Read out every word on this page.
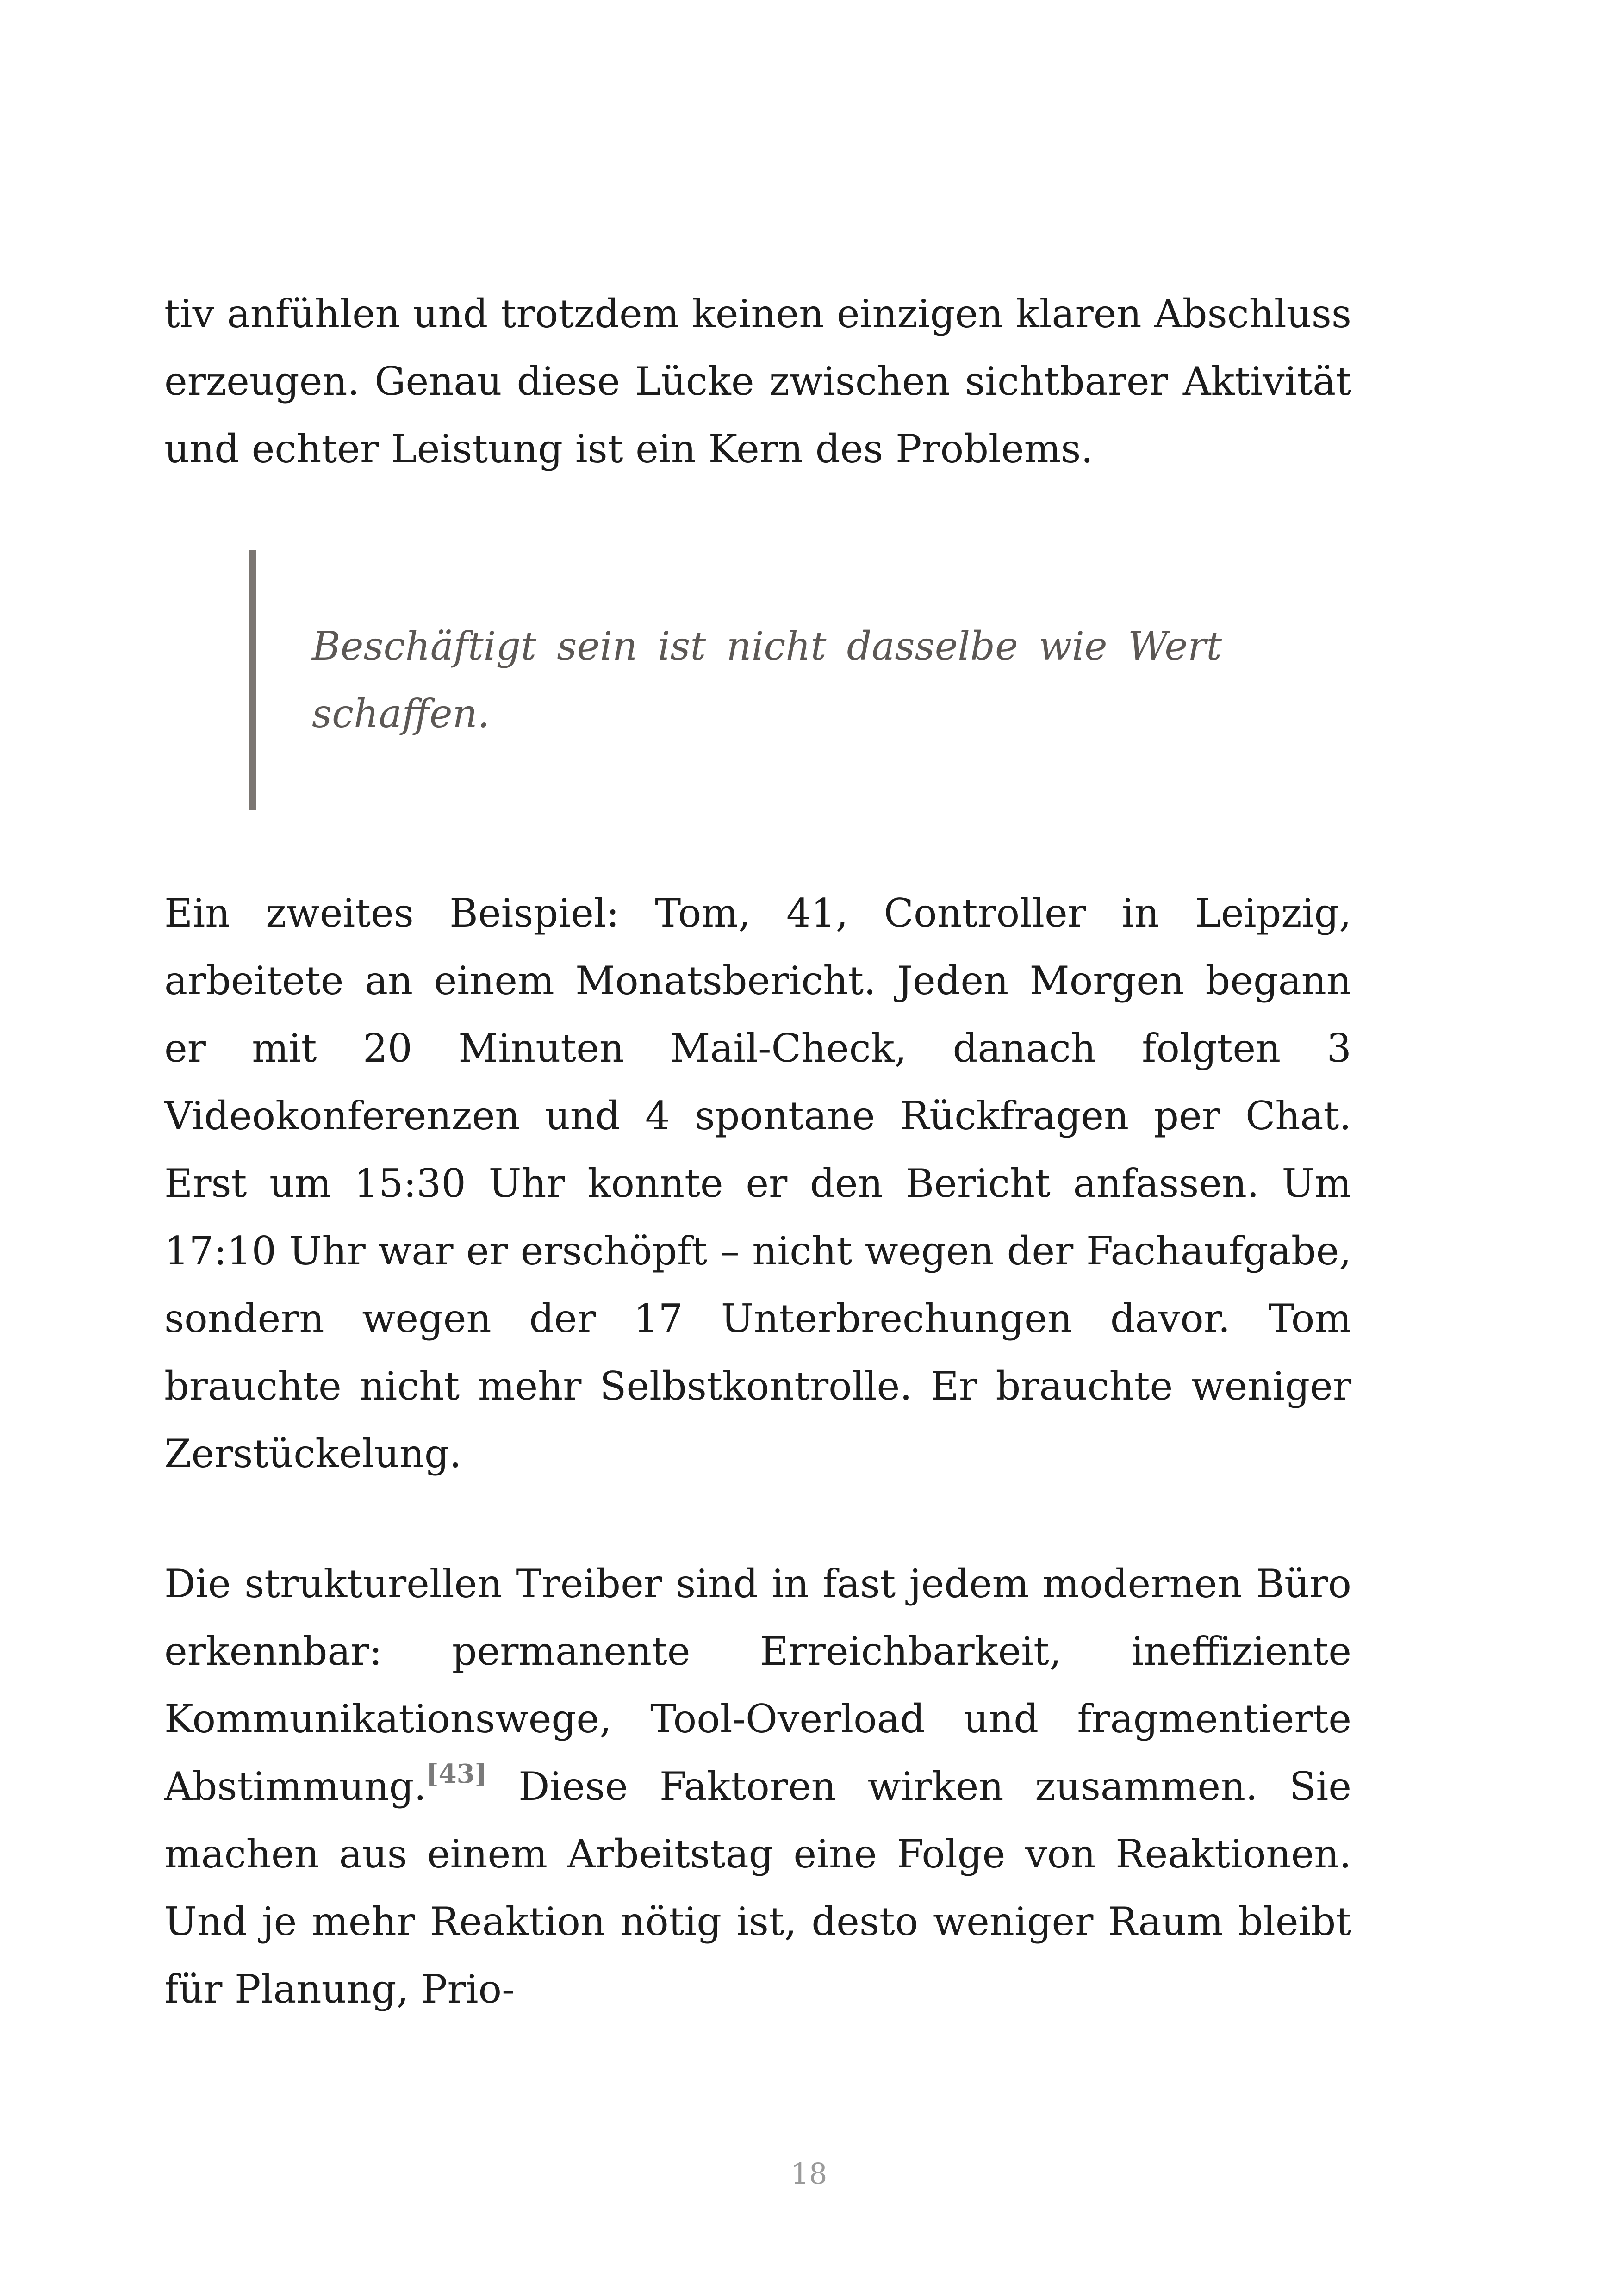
tiv anfühlen und trotzdem keinen einzigen klaren Abschluss erzeugen. Genau diese Lücke zwischen sichtbarer Aktivität und echter Leistung ist ein Kern des Problems.

Beschäftigt sein ist nicht dasselbe wie Wert schaffen.

Ein zweites Beispiel: Tom, 41, Controller in Leipzig, arbeitete an einem Monatsbericht. Jeden Morgen begann er mit 20 Minuten Mail-Check, danach folgten 3 Videokonferenzen und 4 spontane Rückfragen per Chat. Erst um 15:30 Uhr konnte er den Bericht anfassen. Um 17:10 Uhr war er erschöpft – nicht wegen der Fachaufgabe, sondern wegen der 17 Unterbrechungen davor. Tom brauchte nicht mehr Selbstkontrolle. Er brauchte weniger Zerstückelung.

Die strukturellen Treiber sind in fast jedem modernen Büro erkennbar: permanente Erreichbarkeit, ineffiziente Kommunikationswege, Tool-Overload und fragmentierte Abstimmung.[43] Diese Faktoren wirken zusammen. Sie machen aus einem Arbeitstag eine Folge von Reaktionen. Und je mehr Reaktion nötig ist, desto weniger Raum bleibt für Planung, Prio-

18
